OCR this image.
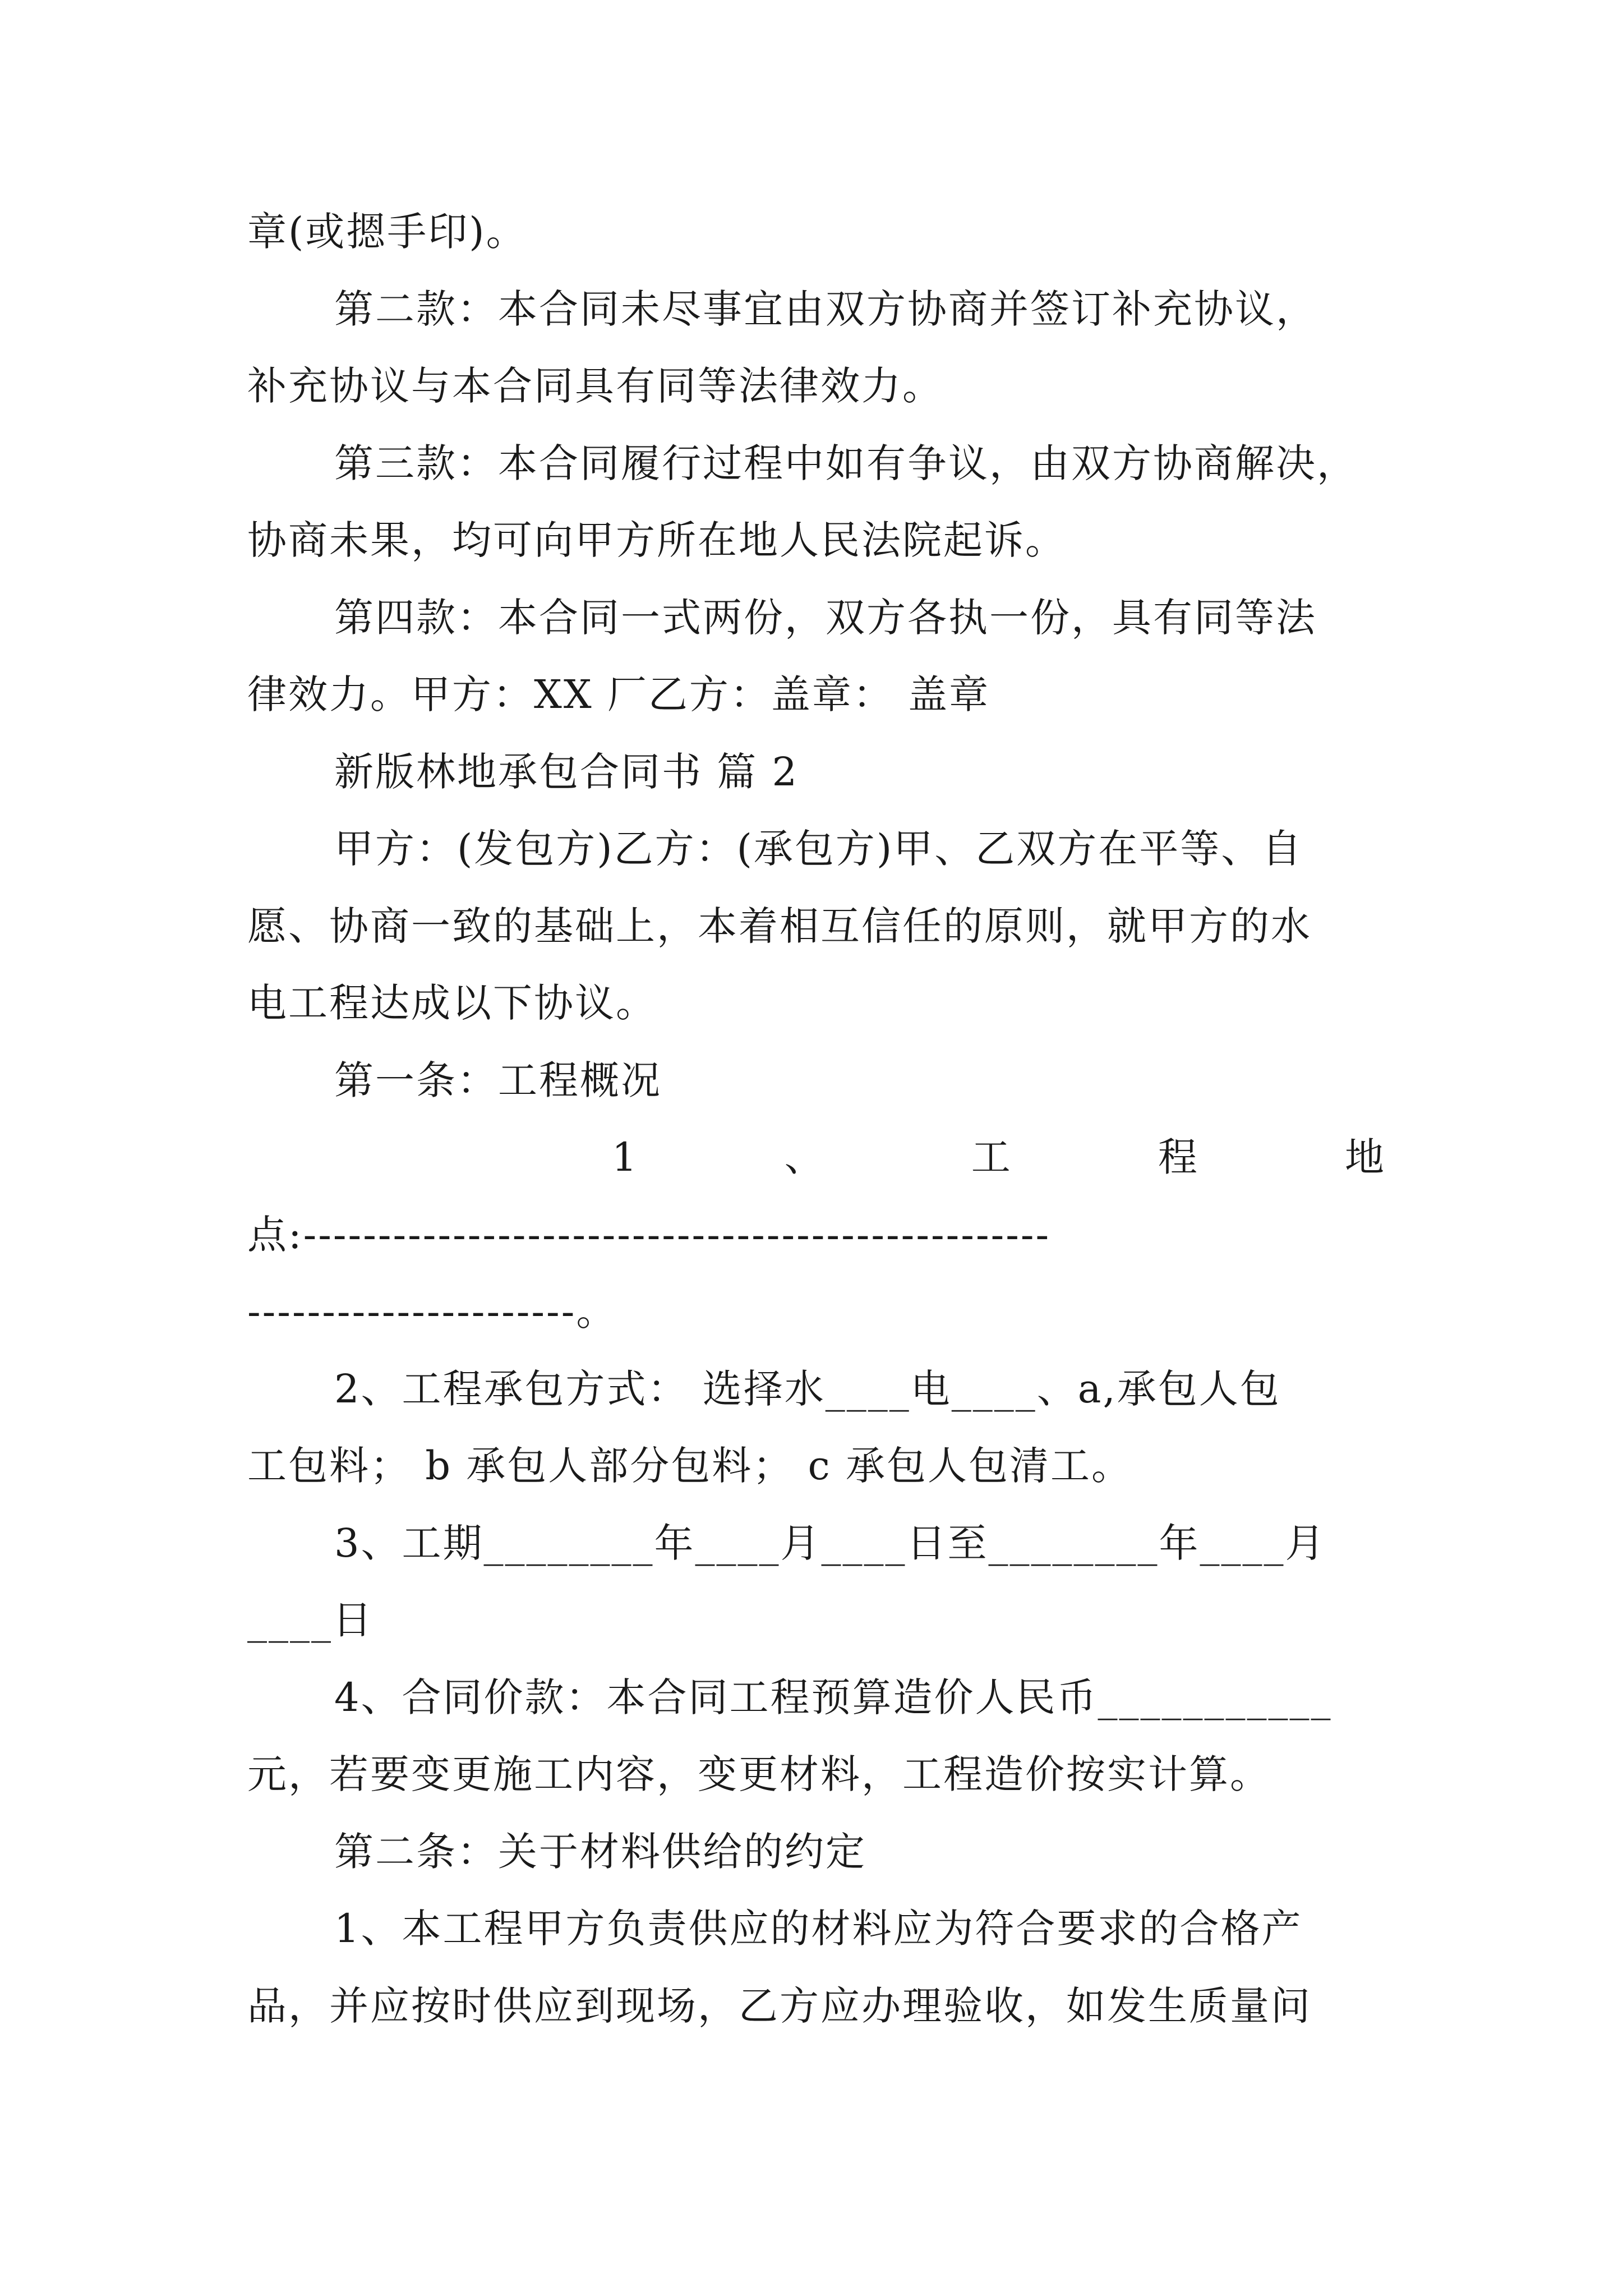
章(或摁手印)。
第二款：本合同未尽事宜由双方协商并签订补充协议，
补充协议与本合同具有同等法律效力。
第三款：本合同履行过程中如有争议，由双方协商解决，
协商未果，均可向甲方所在地人民法院起诉。
第四款：本合同一式两份，双方各执一份，具有同等法
律效力。甲方：XX 厂乙方：盖章： 盖章
新版林地承包合同书 篇 2
甲方：(发包方)乙方：(承包方)甲、乙双方在平等、自
愿、协商一致的基础上，本着相互信任的原则，就甲方的水
电工程达成以下协议。
第一条：工程概况
1	、	工	程	地
点:--------------------------------------------------
----------------------。
2、工程承包方式： 选择水____电____、a,承包人包
工包料； b 承包人部分包料； c 承包人包清工。
3、工期________年____月____日至________年____月
____日
4、合同价款：本合同工程预算造价人民币___________
元，若要变更施工内容，变更材料，工程造价按实计算。
第二条：关于材料供给的约定
1、本工程甲方负责供应的材料应为符合要求的合格产
品，并应按时供应到现场，乙方应办理验收，如发生质量问
